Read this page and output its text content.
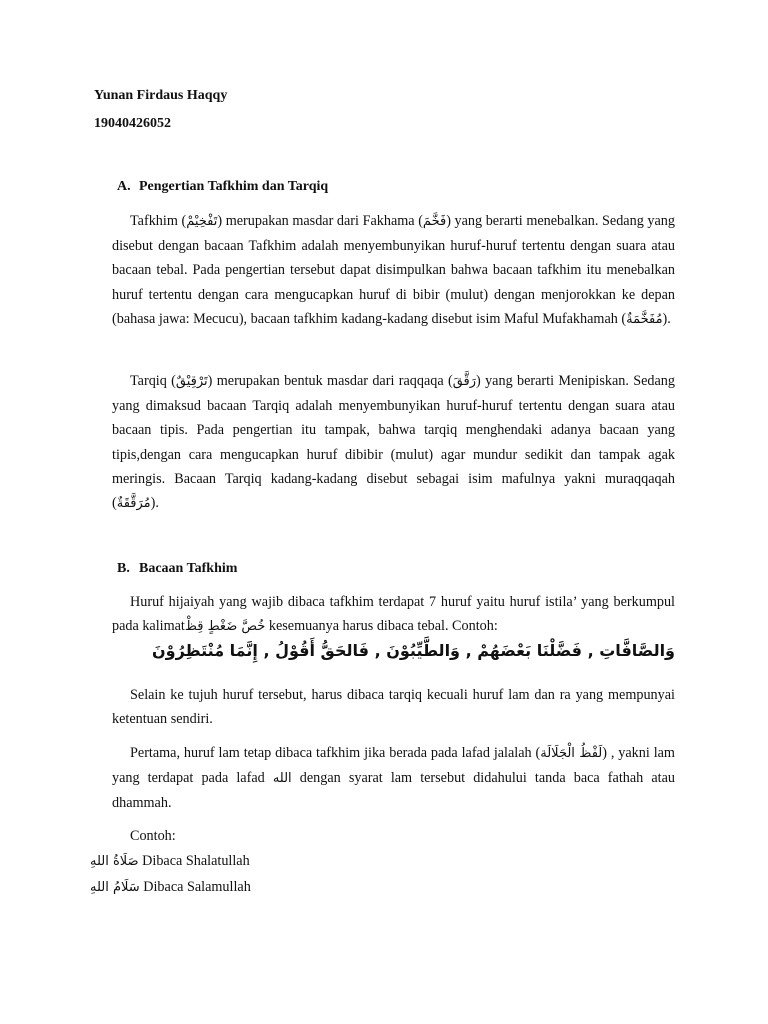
Yunan Firdaus Haqqy
19040426052
A. Pengertian Tafkhim dan Tarqiq
Tafkhim (تَفْخِيْمْ) merupakan masdar dari Fakhama (فَخَّمَ) yang berarti menebalkan. Sedang yang disebut dengan bacaan Tafkhim adalah menyembunyikan huruf-huruf tertentu dengan suara atau bacaan tebal. Pada pengertian tersebut dapat disimpulkan bahwa bacaan tafkhim itu menebalkan huruf tertentu dengan cara mengucapkan huruf di bibir (mulut) dengan menjorokkan ke depan (bahasa jawa: Mecucu), bacaan tafkhim kadang-kadang disebut isim Maful Mufakhamah (مُفَخَّمَةٌ).
Tarqiq (تَرْقِيْقٌ) merupakan bentuk masdar dari raqqaqa (رَقَّقَ) yang berarti Menipiskan. Sedang yang dimaksud bacaan Tarqiq adalah menyembunyikan huruf-huruf tertentu dengan suara atau bacaan tipis. Pada pengertian itu tampak, bahwa tarqiq menghendaki adanya bacaan yang tipis,dengan cara mengucapkan huruf dibibir (mulut) agar mundur sedikit dan tampak agak meringis. Bacaan Tarqiq kadang-kadang disebut sebagai isim mafulnya yakni muraqqaqah (مُرَقَّقَةٌ).
B. Bacaan Tafkhim
Huruf hijaiyah yang wajib dibaca tafkhim terdapat 7 huruf yaitu huruf istila’ yang berkumpul pada kalimatخُصَّ ضَغْطٍ قِظْ kesemuanya harus dibaca tebal. Contoh:
وَالصَّافَّاتِ , فَضَّلْنَا بَعْضَهُمْ , وَالطَّيِّبُوْنَ , فَالحَقُّ أَقُوْلُ , إِنَّمَا مُنْتَظِرُوْنَ
Selain ke tujuh huruf tersebut, harus dibaca tarqiq kecuali huruf lam dan ra yang mempunyai ketentuan sendiri.
Pertama, huruf lam tetap dibaca tafkhim jika berada pada lafad jalalah (لَفْظُ الْجَلَالَة) , yakni lam yang terdapat pada lafad الله dengan syarat lam tersebut didahului tanda baca fathah atau dhammah.
Contoh:
صَلَاةُ اللهِ Dibaca Shalatullah
سَلَامُ اللهِ Dibaca Salamullah
